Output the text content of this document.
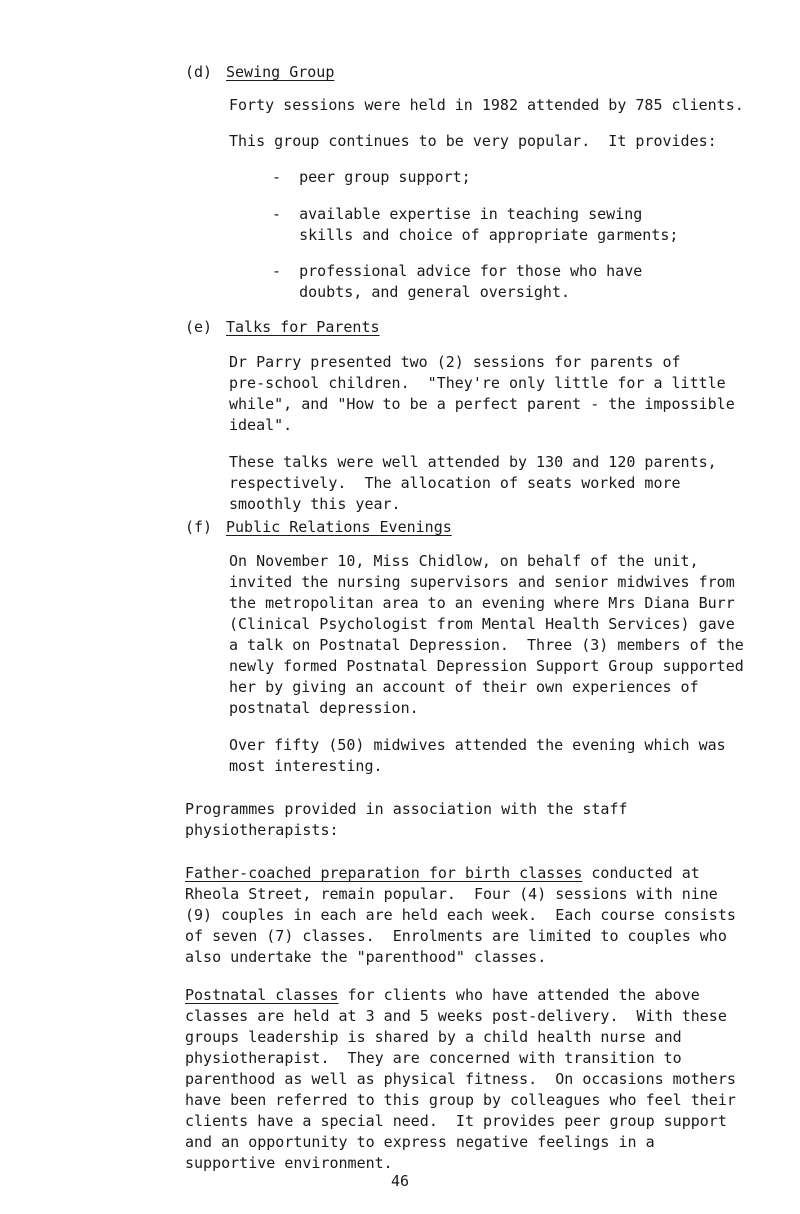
(d) Sewing Group

Forty sessions were held in 1982 attended by 785 clients.

This group continues to be very popular.  It provides:

-  peer group support;

-  available expertise in teaching sewing
skills and choice of appropriate garments;

-  professional advice for those who have
doubts, and general oversight.

(e) Talks for Parents

Dr Parry presented two (2) sessions for parents of
pre-school children.  "They're only little for a little
while", and "How to be a perfect parent - the impossible
ideal".

These talks were well attended by 130 and 120 parents,
respectively.  The allocation of seats worked more
smoothly this year.

(f) Public Relations Evenings

On November 10, Miss Chidlow, on behalf of the unit,
invited the nursing supervisors and senior midwives from
the metropolitan area to an evening where Mrs Diana Burr
(Clinical Psychologist from Mental Health Services) gave
a talk on Postnatal Depression.  Three (3) members of the
newly formed Postnatal Depression Support Group supported
her by giving an account of their own experiences of
postnatal depression.

Over fifty (50) midwives attended the evening which was
most interesting.

Programmes provided in association with the staff
physiotherapists:

Father-coached preparation for birth classes conducted at

Rheola Street, remain popular.  Four (4) sessions with nine
(9) couples in each are held each week.  Each course consists
of seven (7) classes.  Enrolments are limited to couples who
also undertake the "parenthood" classes.

Postnatal classes for clients who have attended the above

classes are held at 3 and 5 weeks post-delivery.  With these
groups leadership is shared by a child health nurse and
physiotherapist.  They are concerned with transition to
parenthood as well as physical fitness.  On occasions mothers
have been referred to this group by colleagues who feel their
clients have a special need.  It provides peer group support
and an opportunity to express negative feelings in a
supportive environment.

46
